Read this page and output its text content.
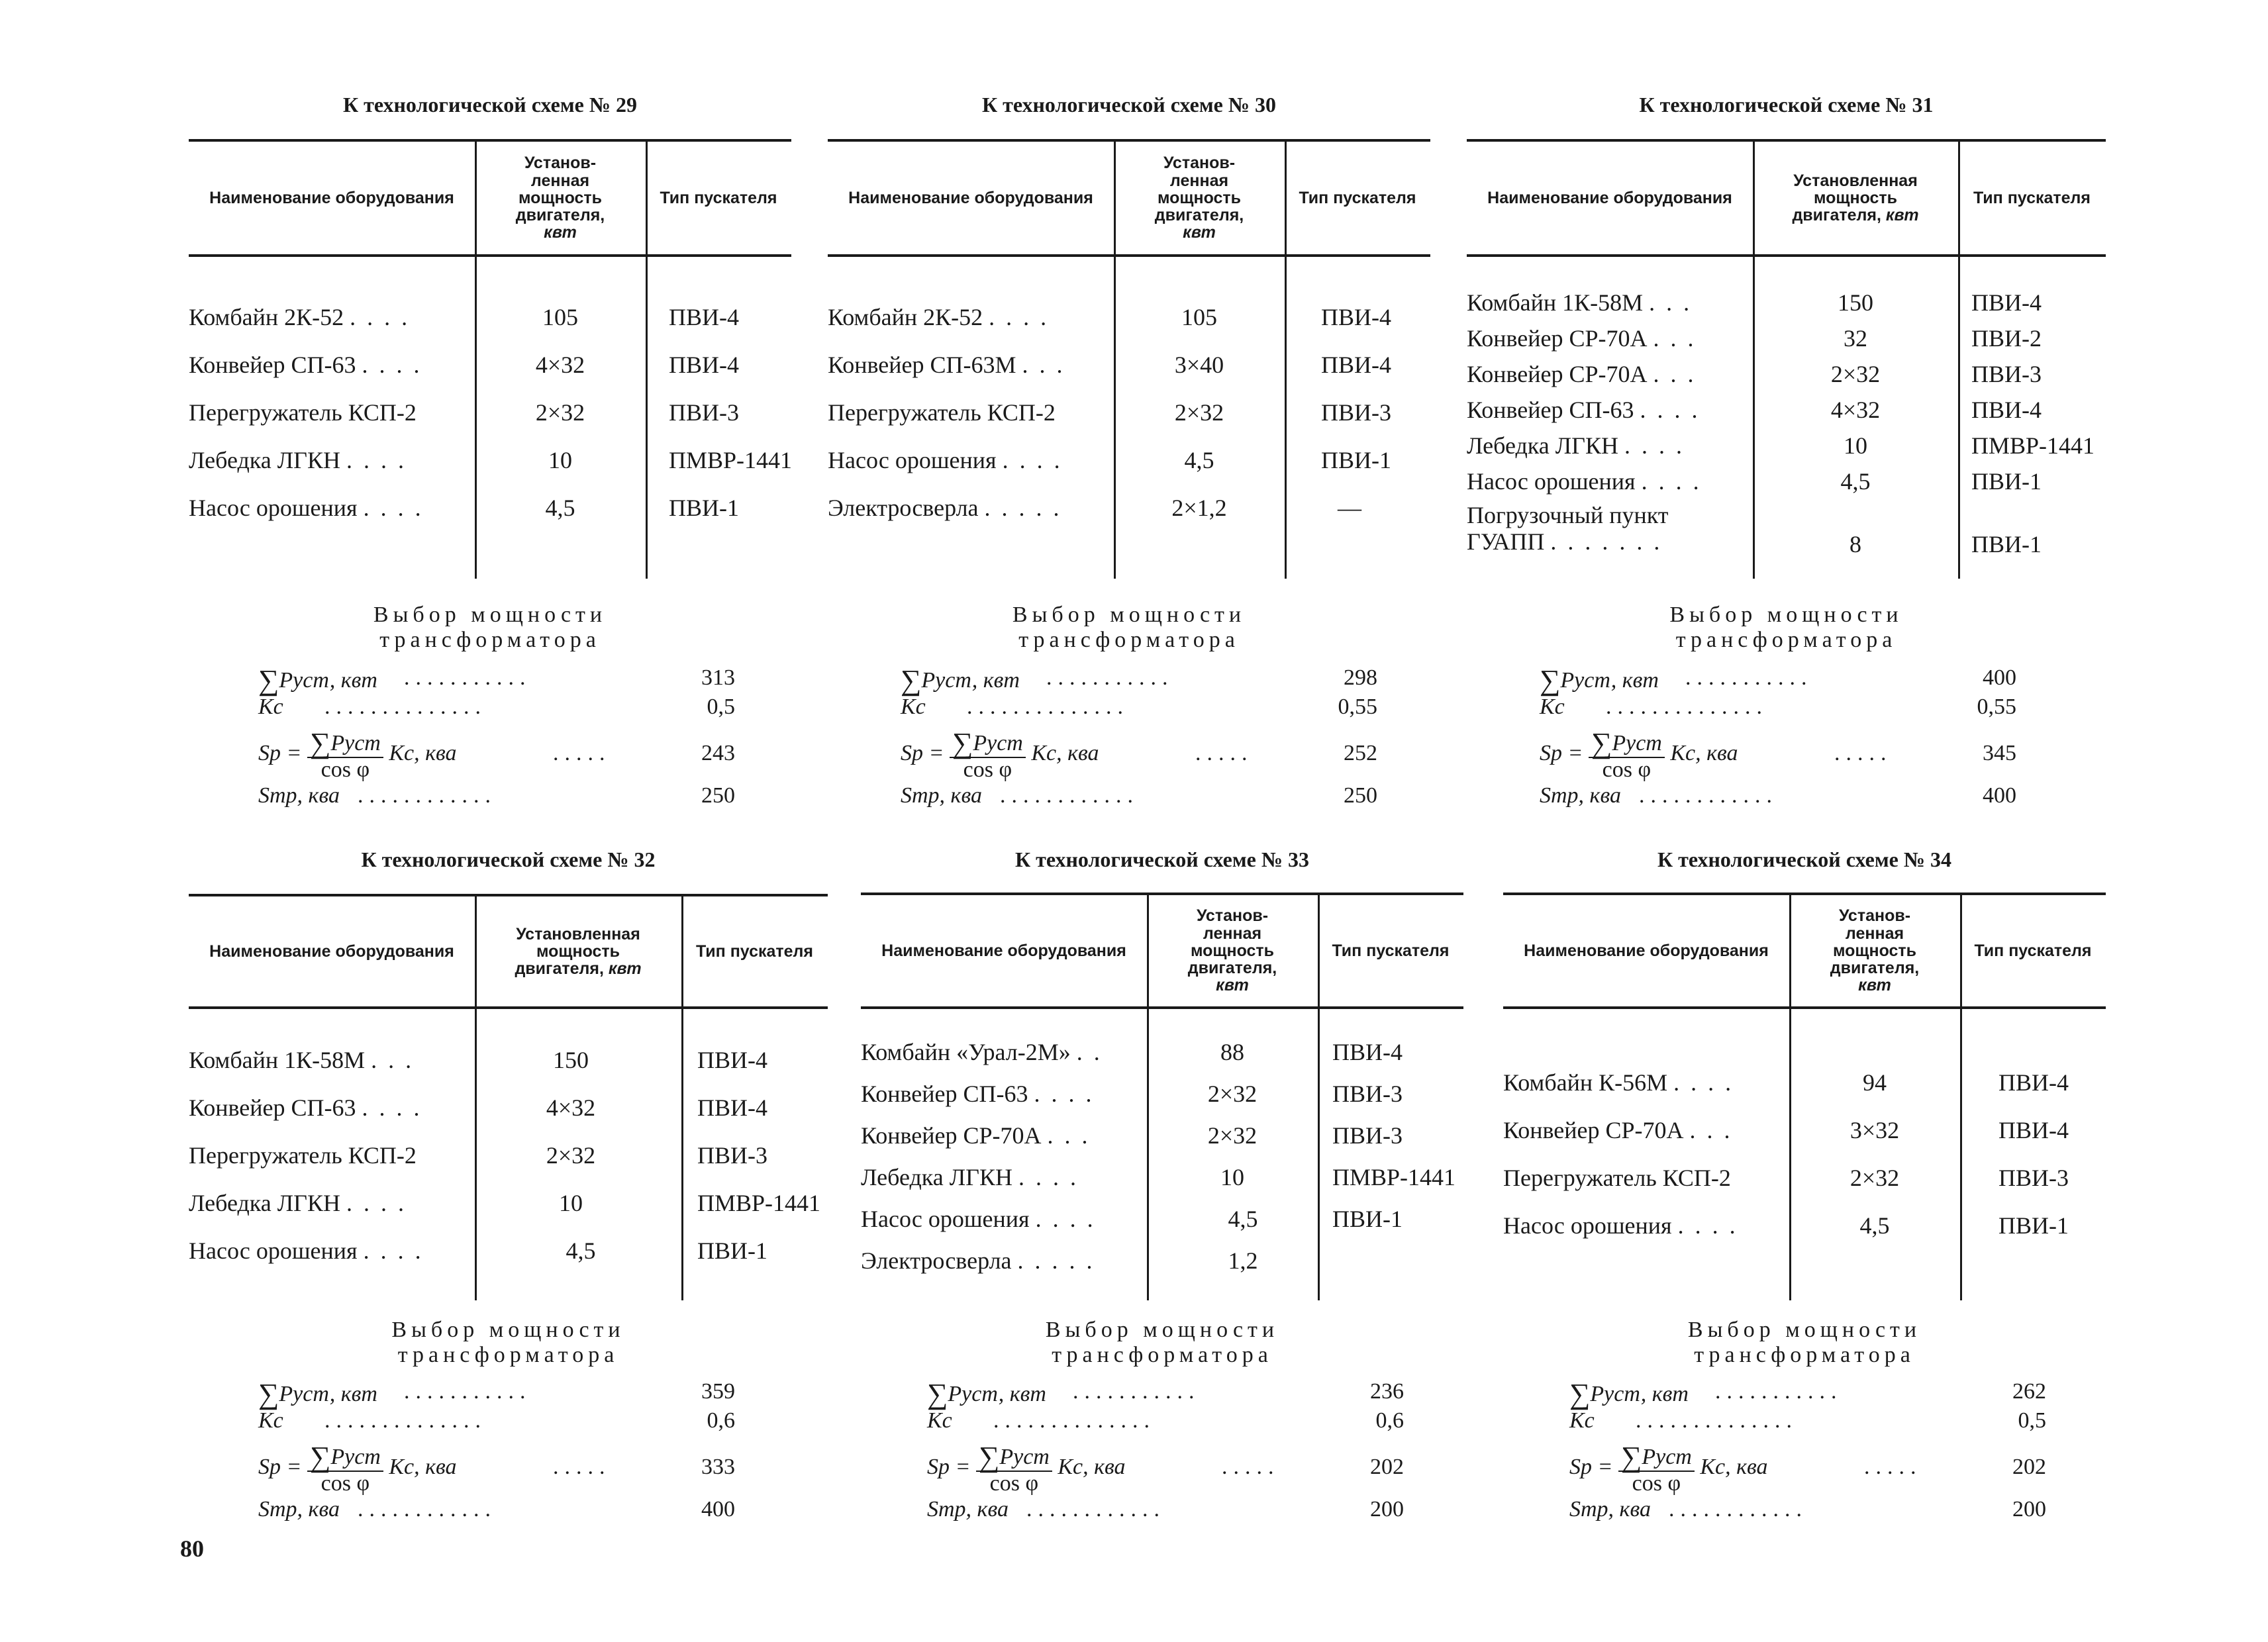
К технологической схеме № 29
Наименование оборудования
Установ-
ленная
мощность
двигателя,
квт
Тип пускателя
Комбайн 2К-52 . . . .	105	ПВИ-4
Конвейер СП-63 . . . .	4×32	ПВИ-4
Перегружатель КСП-2	2×32	ПВИ-3
Лебедка ЛГКН . . . .	10	ПМВР-1441
Насос орошения . . . .	4,5	ПВИ-1
Выбор мощности
трансформатора
∑Pуст, квт ...........	313
Kс ..............	0,5
Sр = $\frac{\text{∑Pуст}}{\text{cos φ}}$ Kс, ква	.....	243
Sтр, ква ............	250
К технологической схеме № 30
Наименование оборудования
Установ-
ленная
мощность
двигателя,
квт
Тип пускателя
Комбайн 2К-52 . . . .	105	ПВИ-4
Конвейер СП-63М . . .	3×40	ПВИ-4
Перегружатель КСП-2	2×32	ПВИ-3
Насос орошения . . . .	4,5	ПВИ-1
Электросверла . . . . .	2×1,2	—
Выбор мощности
трансформатора
∑Pуст, квт ...........	298
Kс ..............	0,55
Sр = $\frac{\text{∑Pуст}}{\text{cos φ}}$ Kс, ква	.....	252
Sтр, ква ............	250
К технологической схеме № 31
Наименование оборудования
Установленная мощность двигателя, квт
Тип пускателя
Комбайн 1К-58М . . .	150	ПВИ-4
Конвейер СР-70А . . .	32	ПВИ-2
Конвейер СР-70А . . .	2×32	ПВИ-3
Конвейер СП-63 . . . .	4×32	ПВИ-4
Лебедка ЛГКН . . . .	10	ПМВР-1441
Насос орошения . . . .	4,5	ПВИ-1
Погрузочный пункт ГУАПП . . . . . . .	8	ПВИ-1
Выбор мощности
трансформатора
∑Pуст, квт ...........	400
Kс ..............	0,55
Sр = $\frac{\text{∑Pуст}}{\text{cos φ}}$ Kс, ква	.....	345
Sтр, ква ............	400
К технологической схеме № 32
Наименование оборудования
Установленная мощность двигателя, квт
Тип пускателя
Комбайн 1К-58М . . .	150	ПВИ-4
Конвейер СП-63 . . . .	4×32	ПВИ-4
Перегружатель КСП-2	2×32	ПВИ-3
Лебедка ЛГКН . . . .	10	ПМВР-1441
Насос орошения . . . .	4,5	ПВИ-1
Выбор мощности
трансформатора
∑Pуст, квт ...........	359
Kс ..............	0,6
Sр = $\frac{\text{∑Pуст}}{\text{cos φ}}$ Kс, ква	.....	333
Sтр, ква ............	400
К технологической схеме № 33
Наименование оборудования
Установ-
ленная
мощность
двигателя,
квт
Тип пускателя
Комбайн «Урал-2М» . .	88	ПВИ-4
Конвейер СП-63 . . . .	2×32	ПВИ-3
Конвейер СР-70А . . .	2×32	ПВИ-3
Лебедка ЛГКН . . . .	10	ПМВР-1441
Насос орошения . . . .	4,5	ПВИ-1
Электросверла . . . . .	1,2
Выбор мощности
трансформатора
∑Pуст, квт ...........	236
Kс ..............	0,6
Sр = $\frac{\text{∑Pуст}}{\text{cos φ}}$ Kс, ква	.....	202
Sтр, ква ............	200
К технологической схеме № 34
Наименование оборудования
Установ-
ленная
мощность
двигателя,
квт
Тип пускателя
Комбайн К-56М . . . .	94	ПВИ-4
Конвейер СР-70А . . .	3×32	ПВИ-4
Перегружатель КСП-2	2×32	ПВИ-3
Насос орошения . . . .	4,5	ПВИ-1
Выбор мощности
трансформатора
∑Pуст, квт ...........	262
Kс ..............	0,5
Sр = $\frac{\text{∑Pуст}}{\text{cos φ}}$ Kс, ква	.....	202
Sтр, ква ............	200
80
